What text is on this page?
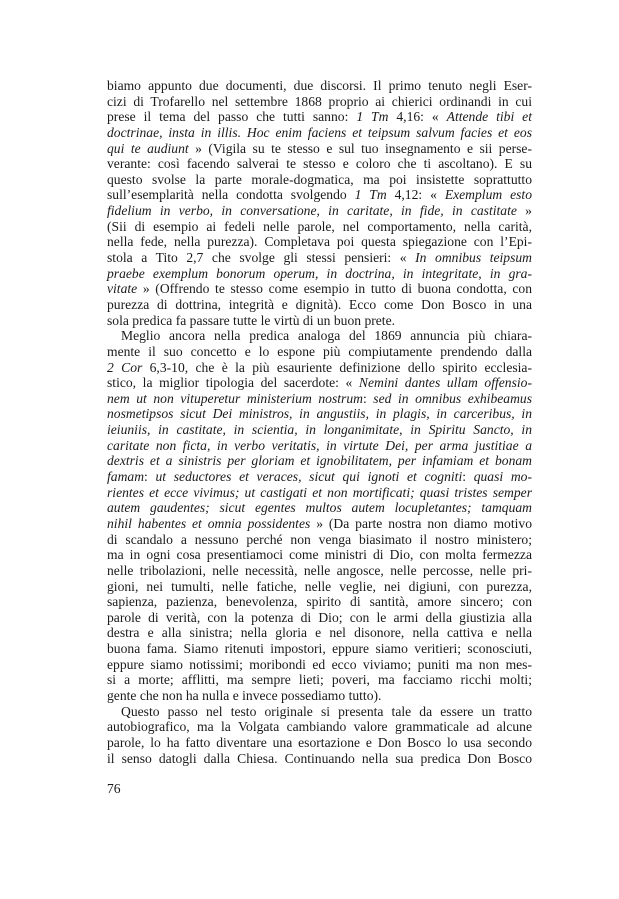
biamo appunto due documenti, due discorsi. Il primo tenuto negli Eser-
cizi di Trofarello nel settembre 1868 proprio ai chierici ordinandi in cui
prese il tema del passo che tutti sanno: 1 Tm 4,16: « Attende tibi et
doctrinae, insta in illis. Hoc enim faciens et teipsum salvum facies et eos
qui te audiunt » (Vigila su te stesso e sul tuo insegnamento e sii perse-
verante: così facendo salverai te stesso e coloro che ti ascoltano). E su
questo svolse la parte morale-dogmatica, ma poi insistette soprattutto
sull’esemplarità nella condotta svolgendo 1 Tm 4,12: « Exemplum esto
fidelium in verbo, in conversatione, in caritate, in fide, in castitate »
(Sii di esempio ai fedeli nelle parole, nel comportamento, nella carità,
nella fede, nella purezza). Completava poi questa spiegazione con l’Epi-
stola a Tito 2,7 che svolge gli stessi pensieri: « In omnibus teipsum
praebe exemplum bonorum operum, in doctrina, in integritate, in gra-
vitate » (Offrendo te stesso come esempio in tutto di buona condotta, con
purezza di dottrina, integrità e dignità). Ecco come Don Bosco in una
sola predica fa passare tutte le virtù di un buon prete.
Meglio ancora nella predica analoga del 1869 annuncia più chiara-
mente il suo concetto e lo espone più compiutamente prendendo dalla
2 Cor 6,3-10, che è la più esauriente definizione dello spirito ecclesia-
stico, la miglior tipologia del sacerdote: « Nemini dantes ullam offensio-
nem ut non vituperetur ministerium nostrum: sed in omnibus exhibeamus
nosmetipsos sicut Dei ministros, in angustiis, in plagis, in carceribus, in
ieiuniis, in castitate, in scientia, in longanimitate, in Spiritu Sancto, in
caritate non ficta, in verbo veritatis, in virtute Dei, per arma justitiae a
dextris et a sinistris per gloriam et ignobilitatem, per infamiam et bonam
famam: ut seductores et veraces, sicut qui ignoti et cogniti: quasi mo-
rientes et ecce vivimus; ut castigati et non mortificati; quasi tristes semper
autem gaudentes; sicut egentes multos autem locupletantes; tamquam
nihil habentes et omnia possidentes » (Da parte nostra non diamo motivo
di scandalo a nessuno perché non venga biasimato il nostro ministero;
ma in ogni cosa presentiamoci come ministri di Dio, con molta fermezza
nelle tribolazioni, nelle necessità, nelle angosce, nelle percosse, nelle pri-
gioni, nei tumulti, nelle fatiche, nelle veglie, nei digiuni, con purezza,
sapienza, pazienza, benevolenza, spirito di santità, amore sincero; con
parole di verità, con la potenza di Dio; con le armi della giustizia alla
destra e alla sinistra; nella gloria e nel disonore, nella cattiva e nella
buona fama. Siamo ritenuti impostori, eppure siamo veritieri; sconosciuti,
eppure siamo notissimi; moribondi ed ecco viviamo; puniti ma non mes-
si a morte; afflitti, ma sempre lieti; poveri, ma facciamo ricchi molti;
gente che non ha nulla e invece possediamo tutto).
Questo passo nel testo originale si presenta tale da essere un tratto
autobiografico, ma la Volgata cambiando valore grammaticale ad alcune
parole, lo ha fatto diventare una esortazione e Don Bosco lo usa secondo
il senso datogli dalla Chiesa. Continuando nella sua predica Don Bosco
76
